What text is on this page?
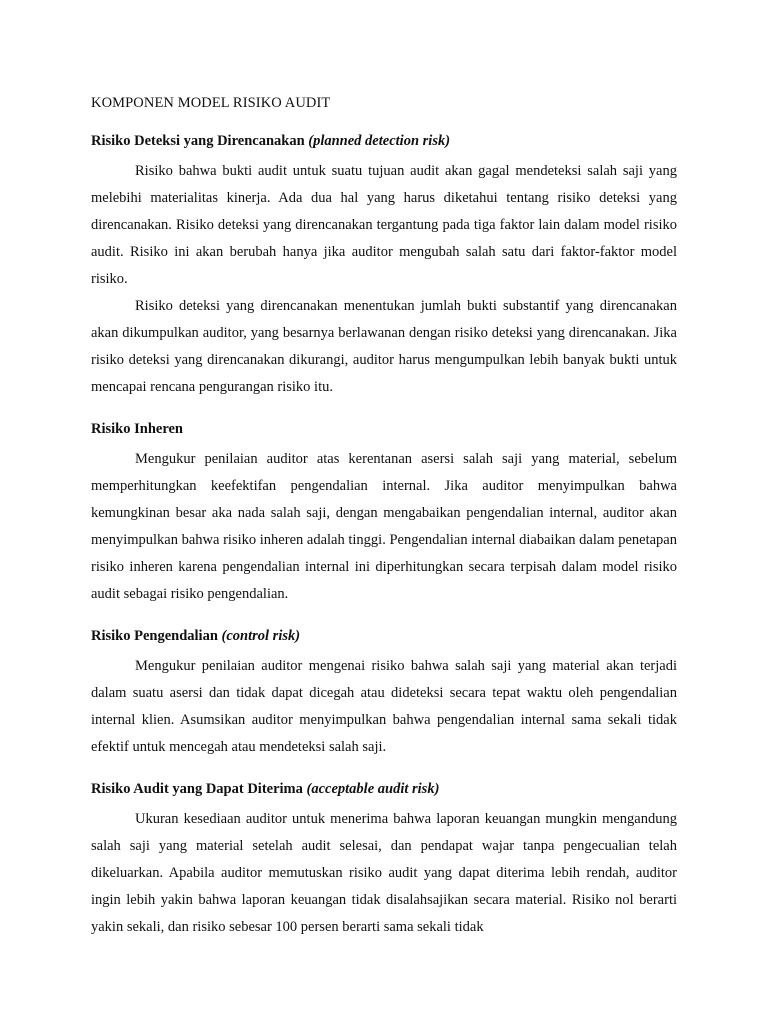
KOMPONEN MODEL RISIKO AUDIT
Risiko Deteksi yang Direncanakan (planned detection risk)

Risiko bahwa bukti audit untuk suatu tujuan audit akan gagal mendeteksi salah saji yang melebihi materialitas kinerja. Ada dua hal yang harus diketahui tentang risiko deteksi yang direncanakan. Risiko deteksi yang direncanakan tergantung pada tiga faktor lain dalam model risiko audit. Risiko ini akan berubah hanya jika auditor mengubah salah satu dari faktor-faktor model risiko.

Risiko deteksi yang direncanakan menentukan jumlah bukti substantif yang direncanakan akan dikumpulkan auditor, yang besarnya berlawanan dengan risiko deteksi yang direncanakan. Jika risiko deteksi yang direncanakan dikurangi, auditor harus mengumpulkan lebih banyak bukti untuk mencapai rencana pengurangan risiko itu.

Risiko Inheren

Mengukur penilaian auditor atas kerentanan asersi salah saji yang material, sebelum memperhitungkan keefektifan pengendalian internal. Jika auditor menyimpulkan bahwa kemungkinan besar aka nada salah saji, dengan mengabaikan pengendalian internal, auditor akan menyimpulkan bahwa risiko inheren adalah tinggi. Pengendalian internal diabaikan dalam penetapan risiko inheren karena pengendalian internal ini diperhitungkan secara terpisah dalam model risiko audit sebagai risiko pengendalian.

Risiko Pengendalian (control risk)

Mengukur penilaian auditor mengenai risiko bahwa salah saji yang material akan terjadi dalam suatu asersi dan tidak dapat dicegah atau dideteksi secara tepat waktu oleh pengendalian internal klien. Asumsikan auditor menyimpulkan bahwa pengendalian internal sama sekali tidak efektif untuk mencegah atau mendeteksi salah saji.

Risiko Audit yang Dapat Diterima (acceptable audit risk)

Ukuran kesediaan auditor untuk menerima bahwa laporan keuangan mungkin mengandung salah saji yang material setelah audit selesai, dan pendapat wajar tanpa pengecualian telah dikeluarkan. Apabila auditor memutuskan risiko audit yang dapat diterima lebih rendah, auditor ingin lebih yakin bahwa laporan keuangan tidak disalahsajikan secara material. Risiko nol berarti yakin sekali, dan risiko sebesar 100 persen berarti sama sekali tidak
